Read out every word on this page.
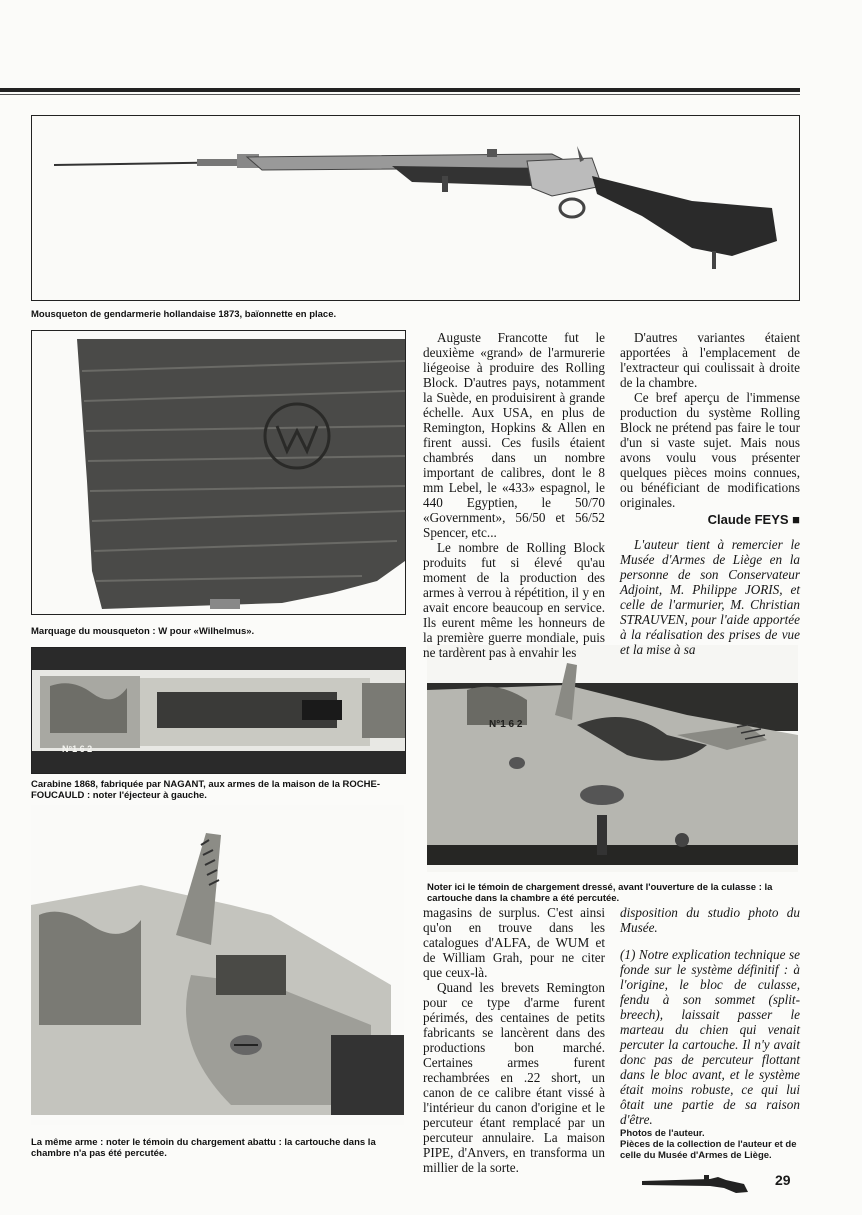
Mousqueton de gendarmerie hollandaise 1873, baïonnette en place.
Marquage du mousqueton : W pour «Wilhelmus».
N°1 6 2
Carabine 1868, fabriquée par NAGANT, aux armes de la maison de la ROCHE-FOUCAULD : noter l'éjecteur à gauche.
La même arme : noter le témoin du chargement abattu : la cartouche dans la chambre n'a pas été percutée.
N°1 6 2
Noter ici le témoin de chargement dressé, avant l'ouverture de la culasse : la cartouche dans la chambre a été percutée.

Auguste Francotte fut le deuxième «grand» de l'armurerie liégeoise à produire des Rolling Block. D'autres pays, notamment la Suède, en produisirent à grande échelle. Aux USA, en plus de Remington, Hopkins & Allen en firent aussi. Ces fusils étaient chambrés dans un nombre important de calibres, dont le 8 mm Lebel, le «433» espagnol, le 440 Egyptien, le 50/70 «Government», 56/50 et 56/52 Spencer, etc...

Le nombre de Rolling Block produits fut si élevé qu'au moment de la production des armes à verrou à répétition, il y en avait encore beaucoup en service. Ils eurent même les honneurs de la première guerre mondiale, puis ne tardèrent pas à envahir les

D'autres variantes étaient apportées à l'emplacement de l'extracteur qui coulissait à droite de la chambre.

Ce bref aperçu de l'immense production du système Rolling Block ne prétend pas faire le tour d'un si vaste sujet. Mais nous avons voulu vous présenter quelques pièces moins connues, ou bénéficiant de modifications originales.

Claude FEYS ■

L'auteur tient à remercier le Musée d'Armes de Liège en la personne de son Conservateur Adjoint, M. Philippe JORIS, et celle de l'armurier, M. Christian STRAUVEN, pour l'aide apportée à la réalisation des prises de vue et la mise à sa

magasins de surplus. C'est ainsi qu'on en trouve dans les catalogues d'ALFA, de WUM et de William Grah, pour ne citer que ceux-là.

Quand les brevets Remington pour ce type d'arme furent périmés, des centaines de petits fabricants se lancèrent dans des productions bon marché. Certaines armes furent rechambrées en .22 short, un canon de ce calibre étant vissé à l'intérieur du canon d'origine et le percuteur étant remplacé par un percuteur annulaire. La maison PIPE, d'Anvers, en transforma un millier de la sorte.

disposition du studio photo du Musée.

(1) Notre explication technique se fonde sur le système définitif : à l'origine, le bloc de culasse, fendu à son sommet (split-breech), laissait passer le marteau du chien qui venait percuter la cartouche. Il n'y avait donc pas de percuteur flottant dans le bloc avant, et le système était moins robuste, ce qui lui ôtait une partie de sa raison d'être.

Photos de l'auteur.
Pièces de la collection de l'auteur et de celle du Musée d'Armes de Liège.
29
